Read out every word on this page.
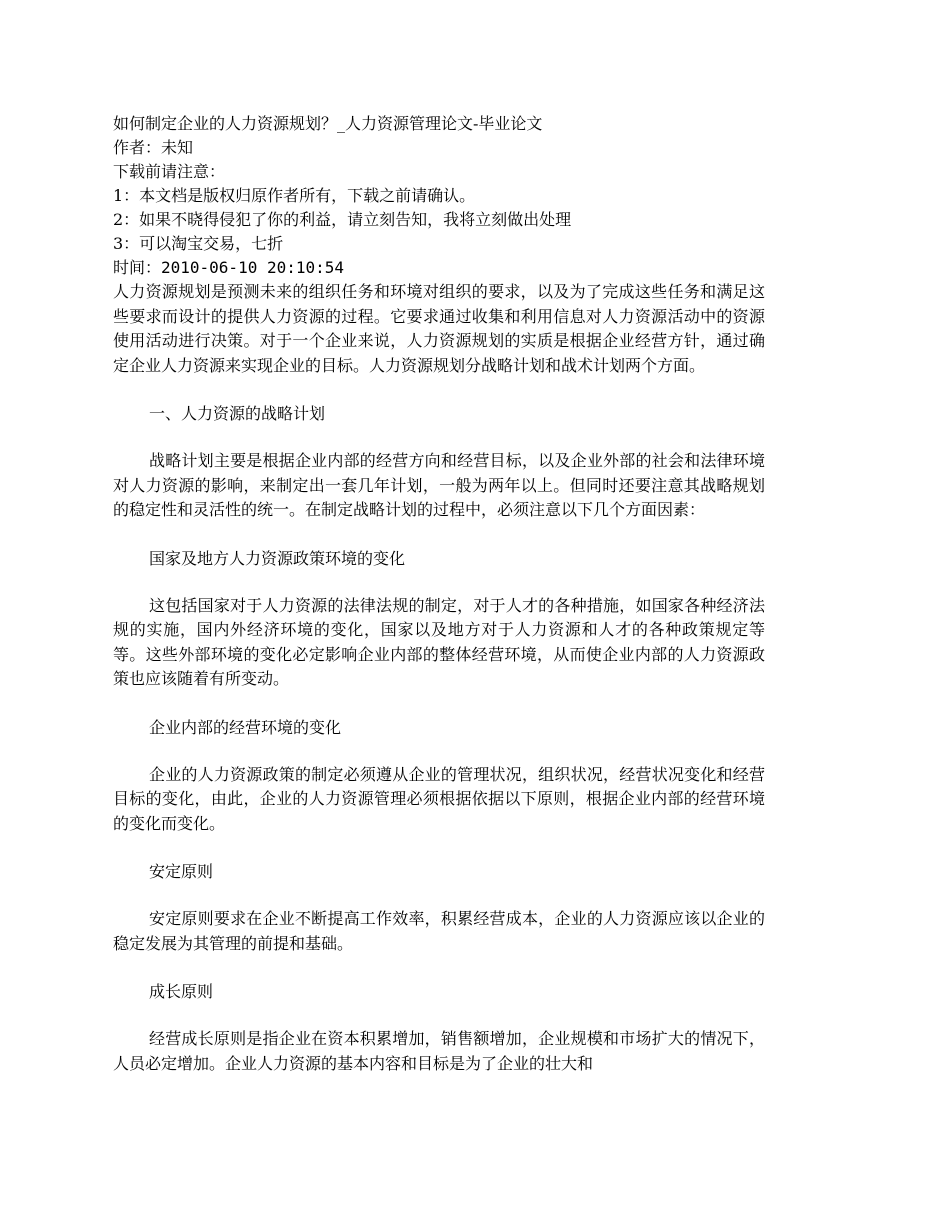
如何制定企业的人力资源规划？_人力资源管理论文-毕业论文
作者：未知
下载前请注意：
1：本文档是版权归原作者所有，下载之前请确认。
2：如果不晓得侵犯了你的利益，请立刻告知，我将立刻做出处理
3：可以淘宝交易，七折
时间：2010-06-10 20:10:54

人力资源规划是预测未来的组织任务和环境对组织的要求，以及为了完成这些任务和满足这些要求而设计的提供人力资源的过程。它要求通过收集和利用信息对人力资源活动中的资源使用活动进行决策。对于一个企业来说，人力资源规划的实质是根据企业经营方针，通过确定企业人力资源来实现企业的目标。人力资源规划分战略计划和战术计划两个方面。

一、人力资源的战略计划

战略计划主要是根据企业内部的经营方向和经营目标，以及企业外部的社会和法律环境对人力资源的影响，来制定出一套几年计划，一般为两年以上。但同时还要注意其战略规划的稳定性和灵活性的统一。在制定战略计划的过程中，必须注意以下几个方面因素：

国家及地方人力资源政策环境的变化

这包括国家对于人力资源的法律法规的制定，对于人才的各种措施，如国家各种经济法规的实施，国内外经济环境的变化，国家以及地方对于人力资源和人才的各种政策规定等等。这些外部环境的变化必定影响企业内部的整体经营环境，从而使企业内部的人力资源政策也应该随着有所变动。

企业内部的经营环境的变化

企业的人力资源政策的制定必须遵从企业的管理状况，组织状况，经营状况变化和经营目标的变化，由此，企业的人力资源管理必须根据依据以下原则，根据企业内部的经营环境的变化而变化。

安定原则

安定原则要求在企业不断提高工作效率，积累经营成本，企业的人力资源应该以企业的稳定发展为其管理的前提和基础。

成长原则

经营成长原则是指企业在资本积累增加，销售额增加，企业规模和市场扩大的情况下，人员必定增加。企业人力资源的基本内容和目标是为了企业的壮大和
